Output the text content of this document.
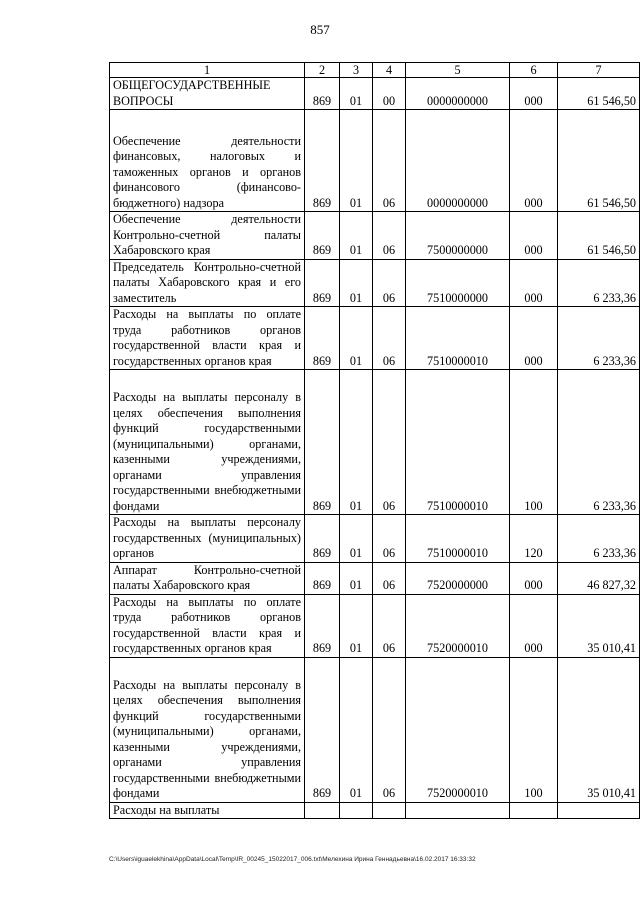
857
1	2	3	4	5	6	7
ОБЩЕГОСУДАРСТВЕННЫЕ ВОПРОСЫ	869	01	00	0000000000	000	61 546,50
Обеспечение деятельности финансовых, налоговых и таможенных органов и органов финансового (финансово-бюджетного) надзора	869	01	06	0000000000	000	61 546,50
Обеспечение деятельности Контрольно-счетной палаты Хабаровского края	869	01	06	7500000000	000	61 546,50
Председатель Контрольно-счетной палаты Хабаровского края и его заместитель	869	01	06	7510000000	000	6 233,36
Расходы на выплаты по оплате труда работников органов государственной власти края и государственных органов края	869	01	06	7510000010	000	6 233,36
Расходы на выплаты персоналу в целях обеспечения выполнения функций государственными (муниципальными) органами, казенными учреждениями, органами управления государственными внебюджетными фондами	869	01	06	7510000010	100	6 233,36
Расходы на выплаты персоналу государственных (муниципальных) органов	869	01	06	7510000010	120	6 233,36
Аппарат Контрольно-счетной палаты Хабаровского края	869	01	06	7520000000	000	46 827,32
Расходы на выплаты по оплате труда работников органов государственной власти края и государственных органов края	869	01	06	7520000010	000	35 010,41
Расходы на выплаты персоналу в целях обеспечения выполнения функций государственными (муниципальными) органами, казенными учреждениями, органами управления государственными внебюджетными фондами	869	01	06	7520000010	100	35 010,41
Расходы на выплаты						
C:\Users\iguaelekhina\AppData\Local\Temp\IR_00245_15022017_006.txt\Мелехина Ирина Геннадьевна\16.02.2017 16:33:32
